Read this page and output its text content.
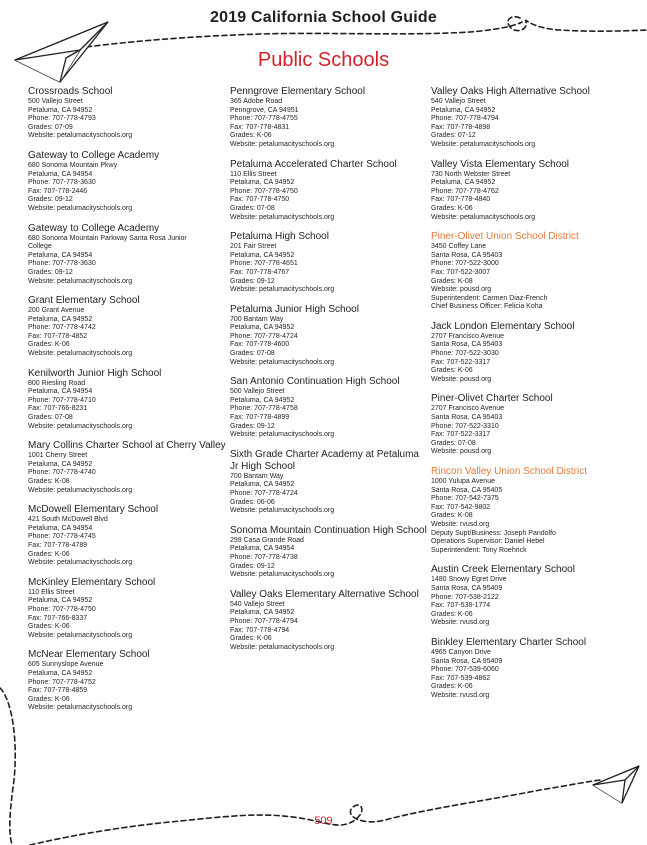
2019 California School Guide
Public Schools
Crossroads School
500 Vallejo Street
Petaluma, CA 94952
Phone: 707-778-4793
Grades: 07-09
Website: petalumacityschools.org
Gateway to College Academy
680 Sonoma Mountain Pkwy
Petaluma, CA 94954
Phone: 707-778-3630
Fax: 707-778-2446
Grades: 09-12
Website: petalumacityschools.org
Gateway to College Academy
680 Sonoma Mountain Parkway Santa Rosa Junior
College
Petaluma, CA 94954
Phone: 707-778-3630
Grades: 09-12
Website: petalumacityschools.org
Grant Elementary School
200 Grant Avenue
Petaluma, CA 94952
Phone: 707-778-4742
Fax: 707-778-4852
Grades: K-06
Website: petalumacityschools.org
Kenilworth Junior High School
800 Riesling Road
Petaluma, CA 94954
Phone: 707-778-4710
Fax: 707-766-8231
Grades: 07-08
Website: petalumacityschools.org
Mary Collins Charter School at Cherry Valley
1001 Cherry Street
Petaluma, CA 94952
Phone: 707-778-4740
Grades: K-08
Website: petalumacityschools.org
McDowell Elementary School
421 South McDowell Blvd
Petaluma, CA 94954
Phone: 707-778-4745
Fax: 707-778-4789
Grades: K-06
Website: petalumacityschools.org
McKinley Elementary School
110 Ellis Street
Petaluma, CA 94952
Phone: 707-778-4750
Fax: 707-766-8337
Grades: K-06
Website: petalumacityschools.org
McNear Elementary School
605 Sunnyslope Avenue
Petaluma, CA 94952
Phone: 707-778-4752
Fax: 707-778-4859
Grades: K-06
Website: petalumacityschools.org
Penngrove Elementary School
365 Adobe Road
Penngrove, CA 94951
Phone: 707-778-4755
Fax: 707-778-4831
Grades: K-06
Website: petalumacityschools.org
Petaluma Accelerated Charter School
110 Ellis Street
Petaluma, CA 94952
Phone: 707-778-4750
Fax: 707-778-4750
Grades: 07-08
Website: petalumacityschools.org
Petaluma High School
201 Fair Street
Petaluma, CA 94952
Phone: 707-778-4651
Fax: 707-778-4767
Grades: 09-12
Website: petalumacityschools.org
Petaluma Junior High School
700 Bantam Way
Petaluma, CA 94952
Phone: 707-778-4724
Fax: 707-778-4600
Grades: 07-08
Website: petalumacityschools.org
San Antonio Continuation High School
500 Vallejo Street
Petaluma, CA 94952
Phone: 707-778-4758
Fax: 707-778-4899
Grades: 09-12
Website: petalumacityschools.org
Sixth Grade Charter Academy at Petaluma Jr High School
700 Bantam Way
Petaluma, CA 94952
Phone: 707-778-4724
Grades: 06-06
Website: petalumacityschools.org
Sonoma Mountain Continuation High School
299 Casa Grande Road
Petaluma, CA 94954
Phone: 707-778-4738
Grades: 09-12
Website: petalumacityschools.org
Valley Oaks Elementary Alternative School
540 Vallejo Street
Petaluma, CA 94952
Phone: 707-778-4794
Fax: 707-778-4794
Grades: K-06
Website: petalumacityschools.org
Valley Oaks High Alternative School
540 Vallejo Street
Petaluma, CA 94952
Phone: 707-778-4794
Fax: 707-778-4898
Grades: 07-12
Website: petalumacityschools.org
Valley Vista Elementary School
730 North Webster Street
Petaluma, CA 94952
Phone: 707-778-4762
Fax: 707-778-4840
Grades: K-06
Website: petalumacityschools.org
Piner-Olivet Union School District
3450 Coffey Lane
Santa Rosa, CA 95403
Phone: 707-522-3000
Fax: 707-522-3007
Grades: K-08
Website: pousd.org
Superintendent: Carmen Diaz-French
Chief Business Officer: Felicia Koha
Jack London Elementary School
2707 Francisco Avenue
Santa Rosa, CA 95403
Phone: 707-522-3030
Fax: 707-522-3317
Grades: K-06
Website: pousd.org
Piner-Olivet Charter School
2707 Francisco Avenue
Santa Rosa, CA 95403
Phone: 707-522-3310
Fax: 707-522-3317
Grades: 07-08
Website: pousd.org
Rincon Valley Union School District
1000 Yulupa Avenue
Santa Rosa, CA 95405
Phone: 707-542-7375
Fax: 707-542-9802
Grades: K-08
Website: rvusd.org
Deputy Supt/Business: Joseph Pandolfo
Operations Supervisor: Daniel Hebel
Superintendent: Tony Roehrick
Austin Creek Elementary School
1480 Snowy Egret Drive
Santa Rosa, CA 95409
Phone: 707-538-2122
Fax: 707-538-1774
Grades: K-06
Website: rvusd.org
Binkley Elementary Charter School
4965 Canyon Drive
Santa Rosa, CA 95409
Phone: 707-539-6060
Fax: 707-539-4862
Grades: K-06
Website: rvusd.org
509
